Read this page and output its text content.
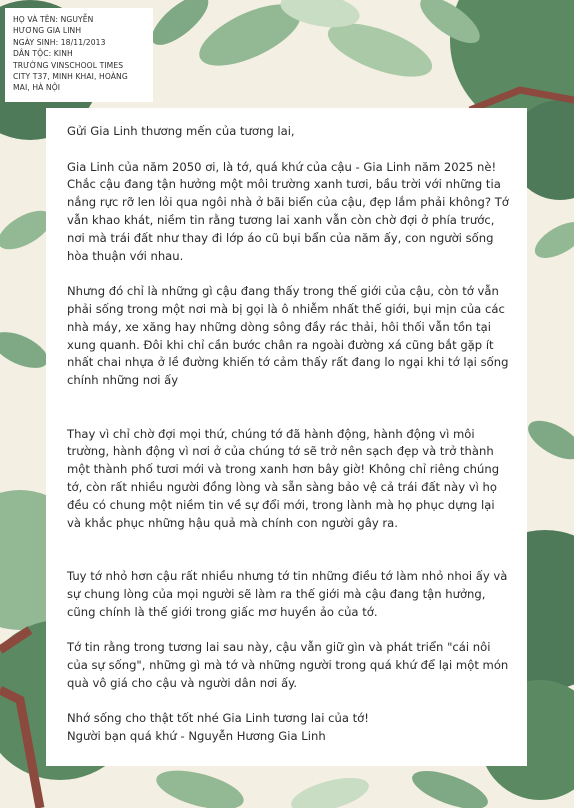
HỌ VÀ TÊN: NGUYỄN
HƯƠNG GIA LINH
NGÀY SINH: 18/11/2013
DÂN TỘC: KINH
TRƯỜNG VINSCHOOL TIMES
CITY T37, MINH KHAI, HOÀNG
MAI, HÀ NỘI

Gửi Gia Linh thương mến của tương lai,

Gia Linh của năm 2050 ơi, là tớ, quá khứ của cậu - Gia Linh năm 2025 nè! Chắc cậu đang tận hưởng một môi trường xanh tươi, bầu trời với những tia nắng rực rỡ len lỏi qua ngôi nhà ở bãi biển của cậu, đẹp lắm phải không? Tớ vẫn khao khát, niềm tin rằng tương lai xanh vẫn còn chờ đợi ở phía trước, nơi mà trái đất như thay đi lớp áo cũ bụi bẩn của năm ấy, con người sống hòa thuận với nhau.

Nhưng đó chỉ là những gì cậu đang thấy trong thế giới của cậu, còn tớ vẫn phải sống trong một nơi mà bị gọi là ô nhiễm nhất thế giới, bụi mịn của các nhà máy, xe xăng hay những dòng sông đầy rác thải, hôi thối vẫn tồn tại xung quanh. Đôi khi chỉ cần bước chân ra ngoài đường xá cũng bắt gặp ít nhất chai nhựa ở lề đường khiến tớ cảm thấy rất đang lo ngại khi tớ lại sống chính những nơi ấy

Thay vì chỉ chờ đợi mọi thứ, chúng tớ đã hành động, hành động vì môi trường, hành động vì nơi ở của chúng tớ sẽ trở nên sạch đẹp và trở thành một thành phố tươi mới và trong xanh hơn bây giờ! Không chỉ riêng chúng tớ, còn rất nhiều người đồng lòng và sẵn sàng bảo vệ cả trái đất này vì họ đều có chung một niềm tin về sự đổi mới, trong lành mà họ phục dựng lại và khắc phục những hậu quả mà chính con người gây ra.

Tuy tớ nhỏ hơn cậu rất nhiều nhưng tớ tin những điều tớ làm nhỏ nhoi ấy và sự chung lòng của mọi người sẽ làm ra thế giới mà cậu đang tận hưởng, cũng chính là thế giới trong giấc mơ huyền ảo của tớ.

Tớ tin rằng trong tương lai sau này, cậu vẫn giữ gìn và phát triển "cái nôi của sự sống", những gì mà tớ và những người trong quá khứ để lại một món quà vô giá cho cậu và người dân nơi ấy.

Nhớ sống cho thật tốt nhé Gia Linh tương lai của tớ!

Người bạn quá khứ - Nguyễn Hương Gia Linh
